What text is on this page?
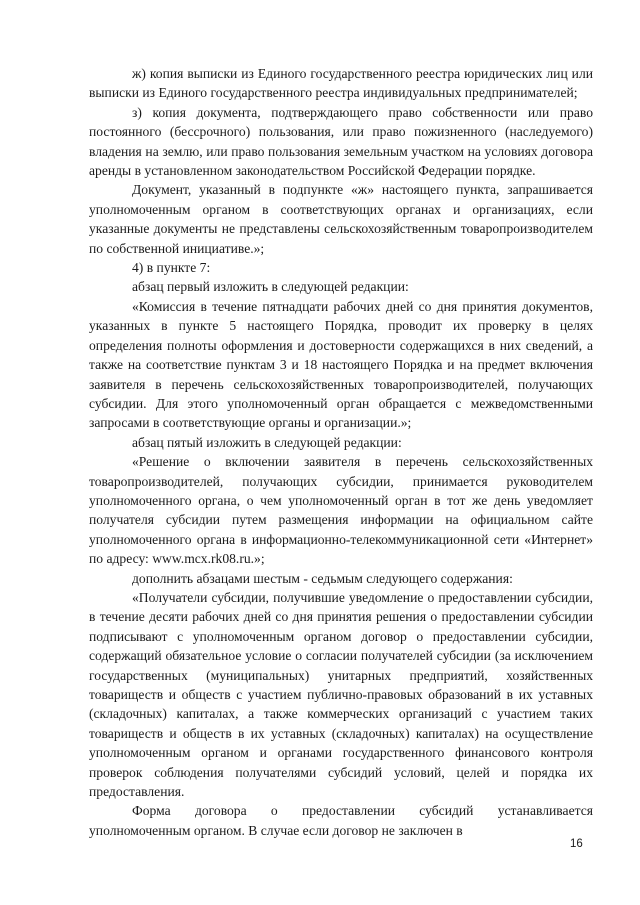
ж) копия выписки из Единого государственного реестра юридических лиц или выписки из Единого государственного реестра индивидуальных предпринимателей;

з) копия документа, подтверждающего право собственности или право постоянного (бессрочного) пользования, или право пожизненного (наследуемого) владения на землю, или право пользования земельным участком на условиях договора аренды в установленном законодательством Российской Федерации порядке.

Документ, указанный в подпункте «ж» настоящего пункта, запрашивается уполномоченным органом в соответствующих органах и организациях, если указанные документы не представлены сельскохозяйственным товаропроизводителем по собственной инициативе.»;

4) в пункте 7:

абзац первый изложить в следующей редакции:

«Комиссия в течение пятнадцати рабочих дней со дня принятия документов, указанных в пункте 5 настоящего Порядка, проводит их проверку в целях определения полноты оформления и достоверности содержащихся в них сведений, а также на соответствие пунктам 3 и 18 настоящего Порядка и на предмет включения заявителя в перечень сельскохозяйственных товаропроизводителей, получающих субсидии. Для этого уполномоченный орган обращается с межведомственными запросами в соответствующие органы и организации.»;

абзац пятый изложить в следующей редакции:

«Решение о включении заявителя в перечень сельскохозяйственных товаропроизводителей, получающих субсидии, принимается руководителем уполномоченного органа, о чем уполномоченный орган в тот же день уведомляет получателя субсидии путем размещения информации на официальном сайте уполномоченного органа в информационно-телекоммуникационной сети «Интернет» по адресу: www.mcx.rk08.ru.»;

дополнить абзацами шестым - седьмым следующего содержания:

«Получатели субсидии, получившие уведомление о предоставлении субсидии, в течение десяти рабочих дней со дня принятия решения о предоставлении субсидии подписывают с уполномоченным органом договор о предоставлении субсидии, содержащий обязательное условие о согласии получателей субсидии (за исключением государственных (муниципальных) унитарных предприятий, хозяйственных товариществ и обществ с участием публично-правовых образований в их уставных (складочных) капиталах, а также коммерческих организаций с участием таких товариществ и обществ в их уставных (складочных) капиталах) на осуществление уполномоченным органом и органами государственного финансового контроля проверок соблюдения получателями субсидий условий, целей и порядка их предоставления.

Форма договора о предоставлении субсидий устанавливается уполномоченным органом. В случае если договор не заключен в

16
